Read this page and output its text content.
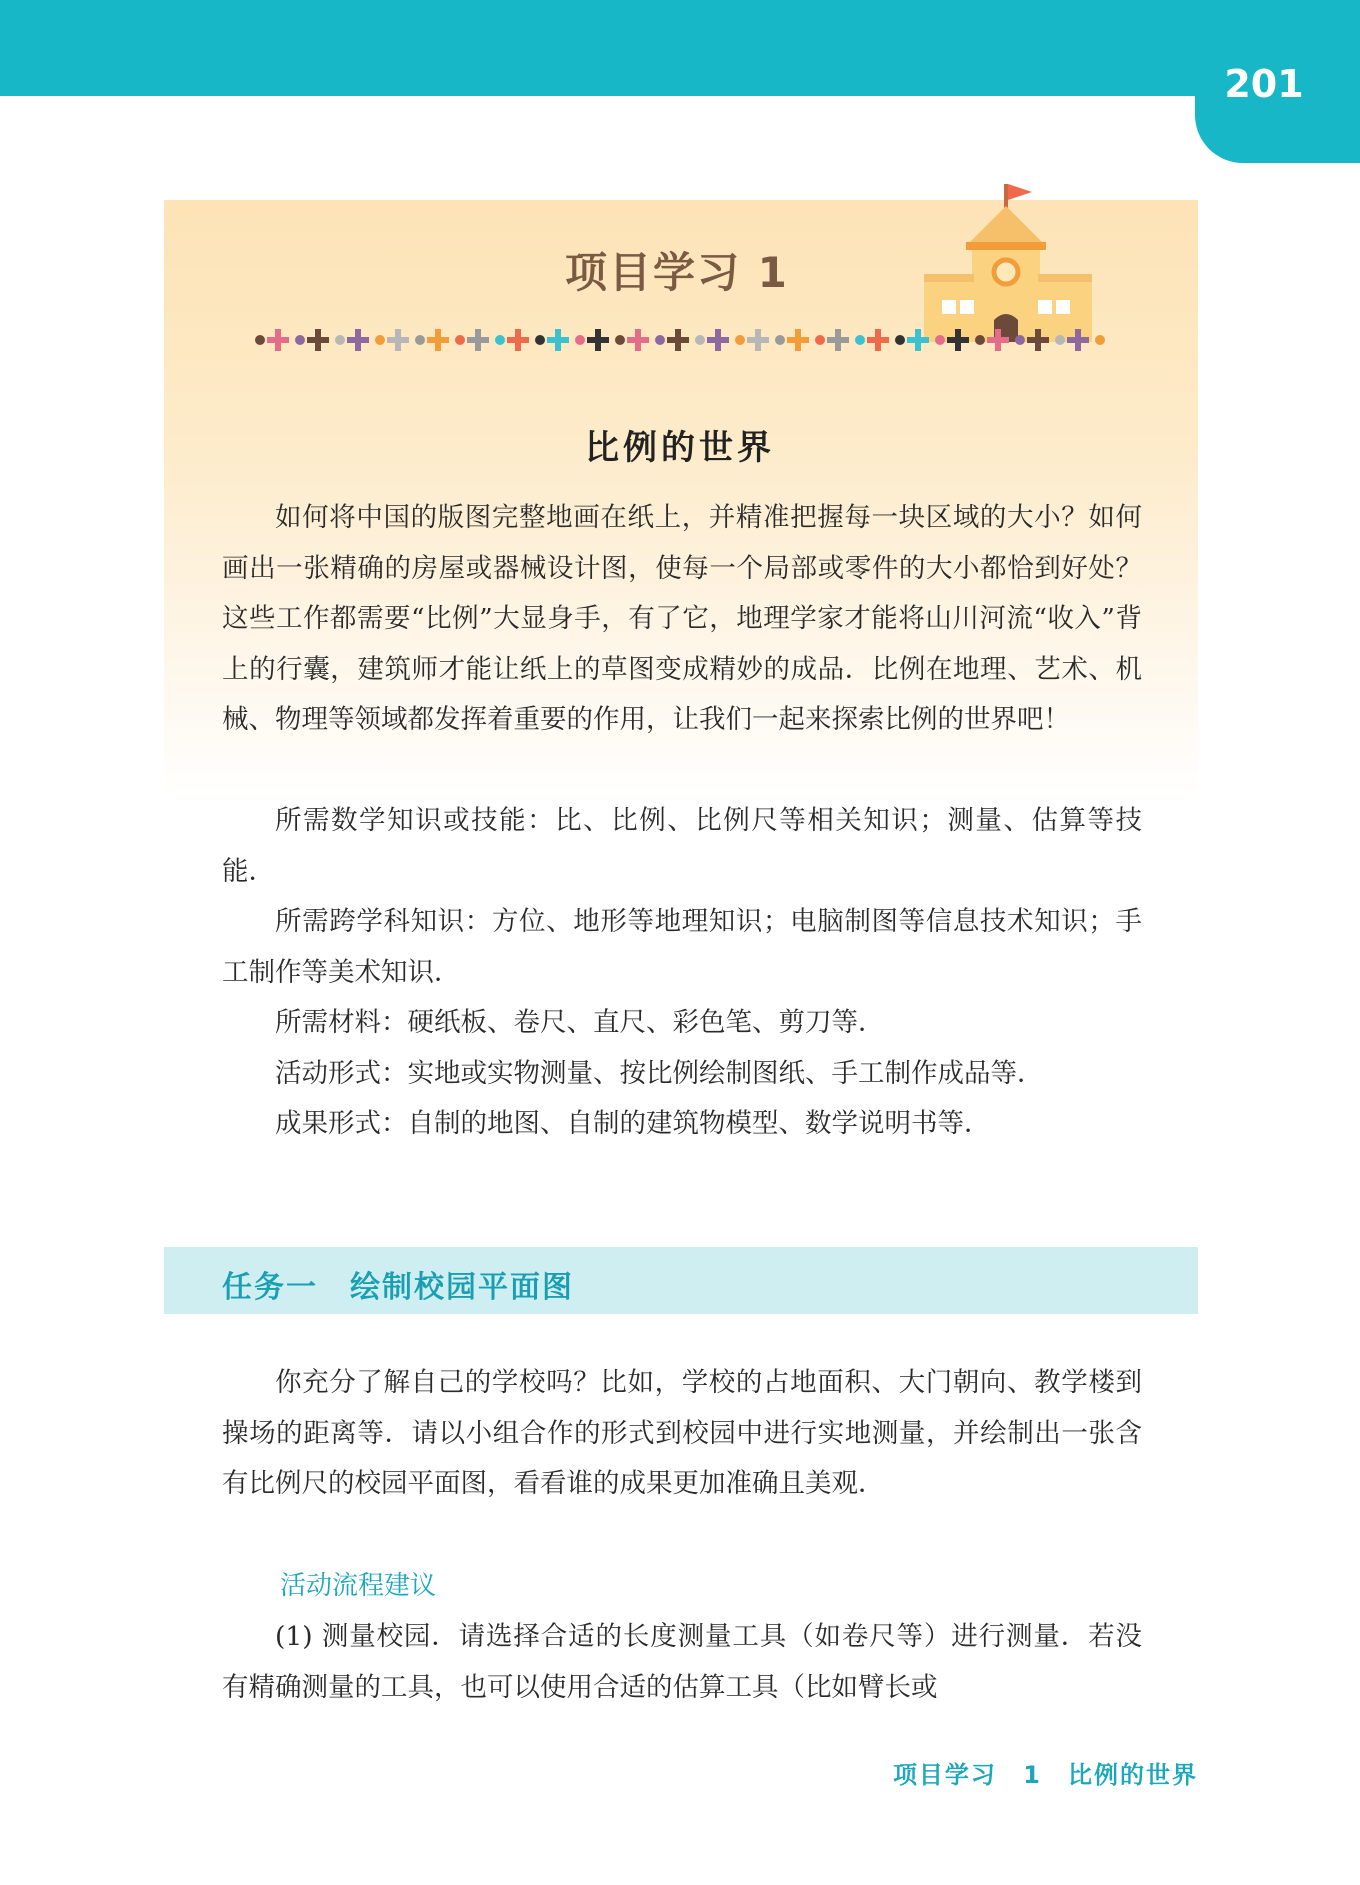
201
项目学习 1
比例的世界

如何将中国的版图完整地画在纸上，并精准把握每一块区域的大小？如何画出一张精确的房屋或器械设计图，使每一个局部或零件的大小都恰到好处？这些工作都需要“比例”大显身手，有了它，地理学家才能将山川河流“收入”背上的行囊，建筑师才能让纸上的草图变成精妙的成品．比例在地理、艺术、机械、物理等领域都发挥着重要的作用，让我们一起来探索比例的世界吧！

所需数学知识或技能：比、比例、比例尺等相关知识；测量、估算等技能．

所需跨学科知识：方位、地形等地理知识；电脑制图等信息技术知识；手工制作等美术知识．

所需材料：硬纸板、卷尺、直尺、彩色笔、剪刀等．

活动形式：实地或实物测量、按比例绘制图纸、手工制作成品等．

成果形式：自制的地图、自制的建筑物模型、数学说明书等．

任务一　绘制校园平面图

你充分了解自己的学校吗？比如，学校的占地面积、大门朝向、教学楼到操场的距离等．请以小组合作的形式到校园中进行实地测量，并绘制出一张含有比例尺的校园平面图，看看谁的成果更加准确且美观．

活动流程建议

(1) 测量校园．请选择合适的长度测量工具（如卷尺等）进行测量．若没有精确测量的工具，也可以使用合适的估算工具（比如臂长或

项目学习 1　比例的世界
